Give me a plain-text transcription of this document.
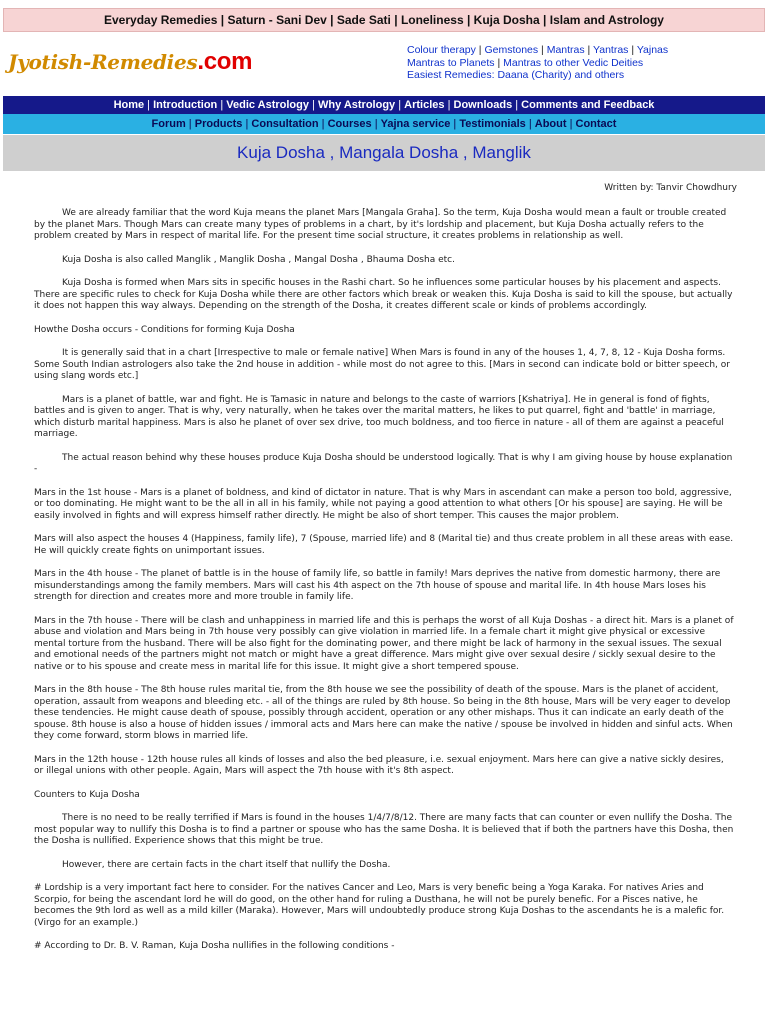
Everyday Remedies | Saturn - Sani Dev | Sade Sati | Loneliness | Kuja Dosha | Islam and Astrology
Jyotish-Remedies.com	Colour therapy | Gemstones | Mantras | Yantras | Yajnas
Mantras to Planets | Mantras to other Vedic Deities
Easiest Remedies: Daana (Charity) and others
Home | Introduction | Vedic Astrology | Why Astrology | Articles | Downloads | Comments and Feedback
Forum | Products | Consultation | Courses | Yajna service | Testimonials | About | Contact
Kuja Dosha , Mangala Dosha , Manglik
Written by: Tanvir Chowdhury

We are already familiar that the word Kuja means the planet Mars [Mangala Graha]. So the term, Kuja Dosha would mean a fault or trouble created by the planet Mars. Though Mars can create many types of problems in a chart, by it's lordship and placement, but Kuja Dosha actually refers to the problem created by Mars in respect of marital life. For the present time social structure, it creates problems in relationship as well.

Kuja Dosha is also called Manglik , Manglik Dosha , Mangal Dosha , Bhauma Dosha etc.

Kuja Dosha is formed when Mars sits in specific houses in the Rashi chart. So he influences some particular houses by his placement and aspects. There are specific rules to check for Kuja Dosha while there are other factors which break or weaken this. Kuja Dosha is said to kill the spouse, but actually it does not happen this way always. Depending on the strength of the Dosha, it creates different scale or kinds of problems accordingly.

Howthe Dosha occurs - Conditions for forming Kuja Dosha

It is generally said that in a chart [Irrespective to male or female native] When Mars is found in any of the houses 1, 4, 7, 8, 12 - Kuja Dosha forms. Some South Indian astrologers also take the 2nd house in addition - while most do not agree to this. [Mars in second can indicate bold or bitter speech, or using slang words etc.]

Mars is a planet of battle, war and fight. He is Tamasic in nature and belongs to the caste of warriors [Kshatriya]. He in general is fond of fights, battles and is given to anger. That is why, very naturally, when he takes over the marital matters, he likes to put quarrel, fight and 'battle' in marriage, which disturb marital happiness. Mars is also he planet of over sex drive, too much boldness, and too fierce in nature - all of them are against a peaceful marriage.

The actual reason behind why these houses produce Kuja Dosha should be understood logically. That is why I am giving house by house explanation -

Mars in the 1st house - Mars is a planet of boldness, and kind of dictator in nature. That is why Mars in ascendant can make a person too bold, aggressive, or too dominating. He might want to be the all in all in his family, while not paying a good attention to what others [Or his spouse] are saying. He will be easily involved in fights and will express himself rather directly. He might be also of short temper. This causes the major problem.

Mars will also aspect the houses 4 (Happiness, family life), 7 (Spouse, married life) and 8 (Marital tie) and thus create problem in all these areas with ease. He will quickly create fights on unimportant issues.

Mars in the 4th house - The planet of battle is in the house of family life, so battle in family! Mars deprives the native from domestic harmony, there are misunderstandings among the family members. Mars will cast his 4th aspect on the 7th house of spouse and marital life. In 4th house Mars loses his strength for direction and creates more and more trouble in family life.

Mars in the 7th house - There will be clash and unhappiness in married life and this is perhaps the worst of all Kuja Doshas - a direct hit. Mars is a planet of abuse and violation and Mars being in 7th house very possibly can give violation in married life. In a female chart it might give physical or excessive mental torture from the husband. There will be also fight for the dominating power, and there might be lack of harmony in the sexual issues. The sexual and emotional needs of the partners might not match or might have a great difference. Mars might give over sexual desire / sickly sexual desire to the native or to his spouse and create mess in marital life for this issue. It might give a short tempered spouse.

Mars in the 8th house - The 8th house rules marital tie, from the 8th house we see the possibility of death of the spouse. Mars is the planet of accident, operation, assault from weapons and bleeding etc. - all of the things are ruled by 8th house. So being in the 8th house, Mars will be very eager to develop these tendencies. He might cause death of spouse, possibly through accident, operation or any other mishaps. Thus it can indicate an early death of the spouse. 8th house is also a house of hidden issues / immoral acts and Mars here can make the native / spouse be involved in hidden and sinful acts. When they come forward, storm blows in married life.

Mars in the 12th house - 12th house rules all kinds of losses and also the bed pleasure, i.e. sexual enjoyment. Mars here can give a native sickly desires, or illegal unions with other people. Again, Mars will aspect the 7th house with it's 8th aspect.

Counters to Kuja Dosha

There is no need to be really terrified if Mars is found in the houses 1/4/7/8/12. There are many facts that can counter or even nullify the Dosha. The most popular way to nullify this Dosha is to find a partner or spouse who has the same Dosha. It is believed that if both the partners have this Dosha, then the Dosha is nullified. Experience shows that this might be true.

However, there are certain facts in the chart itself that nullify the Dosha.

# Lordship is a very important fact here to consider. For the natives Cancer and Leo, Mars is very benefic being a Yoga Karaka. For natives Aries and Scorpio, for being the ascendant lord he will do good, on the other hand for ruling a Dusthana, he will not be purely benefic. For a Pisces native, he becomes the 9th lord as well as a mild killer (Maraka). However, Mars will undoubtedly produce strong Kuja Doshas to the ascendants he is a malefic for. (Virgo for an example.)

# According to Dr. B. V. Raman, Kuja Dosha nullifies in the following conditions -
